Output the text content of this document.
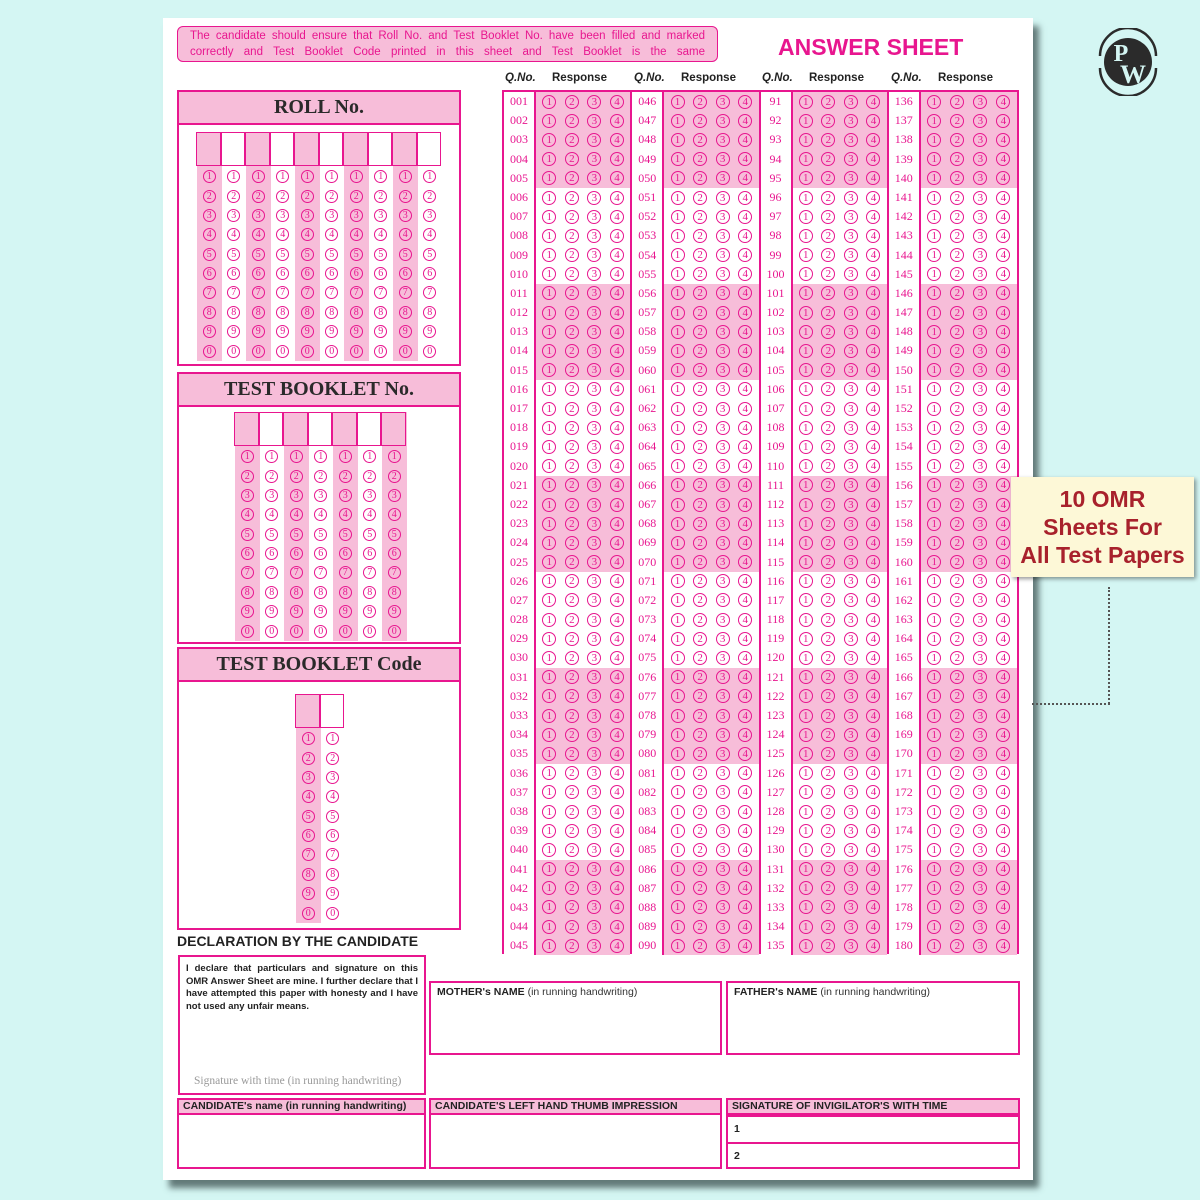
The candidate should ensure that Roll No. and Test Booklet No. have been filled and marked correctly and Test Booklet Code printed in this sheet and Test Booklet is the same	ANSWER SHEET
Q.No. Response Q.No. Response Q.No. Response Q.No. Response
ROLL No.
1
2
3
4
5
6
7
8
9
0
1
2
3
4
5
6
7
8
9
0
1
2
3
4
5
6
7
8
9
0
1
2
3
4
5
6
7
8
9
0
1
2
3
4
5
6
7
8
9
0
1
2
3
4
5
6
7
8
9
0
1
2
3
4
5
6
7
8
9
0
1
2
3
4
5
6
7
8
9
0
1
2
3
4
5
6
7
8
9
0
1
2
3
4
5
6
7
8
9
0
TEST BOOKLET No.
1
2
3
4
5
6
7
8
9
0
1
2
3
4
5
6
7
8
9
0
1
2
3
4
5
6
7
8
9
0
1
2
3
4
5
6
7
8
9
0
1
2
3
4
5
6
7
8
9
0
1
2
3
4
5
6
7
8
9
0
1
2
3
4
5
6
7
8
9
0
TEST BOOKLET Code
1
2
3
4
5
6
7
8
9
0
1
2
3
4
5
6
7
8
9
0
001	1	2	3	4
002	1	2	3	4
003	1	2	3	4
004	1	2	3	4
005	1	2	3	4
006	1	2	3	4
007	1	2	3	4
008	1	2	3	4
009	1	2	3	4
010	1	2	3	4
011	1	2	3	4
012	1	2	3	4
013	1	2	3	4
014	1	2	3	4
015	1	2	3	4
016	1	2	3	4
017	1	2	3	4
018	1	2	3	4
019	1	2	3	4
020	1	2	3	4
021	1	2	3	4
022	1	2	3	4
023	1	2	3	4
024	1	2	3	4
025	1	2	3	4
026	1	2	3	4
027	1	2	3	4
028	1	2	3	4
029	1	2	3	4
030	1	2	3	4
031	1	2	3	4
032	1	2	3	4
033	1	2	3	4
034	1	2	3	4
035	1	2	3	4
036	1	2	3	4
037	1	2	3	4
038	1	2	3	4
039	1	2	3	4
040	1	2	3	4
041	1	2	3	4
042	1	2	3	4
043	1	2	3	4
044	1	2	3	4
045	1	2	3	4
046	1	2	3	4
047	1	2	3	4
048	1	2	3	4
049	1	2	3	4
050	1	2	3	4
051	1	2	3	4
052	1	2	3	4
053	1	2	3	4
054	1	2	3	4
055	1	2	3	4
056	1	2	3	4
057	1	2	3	4
058	1	2	3	4
059	1	2	3	4
060	1	2	3	4
061	1	2	3	4
062	1	2	3	4
063	1	2	3	4
064	1	2	3	4
065	1	2	3	4
066	1	2	3	4
067	1	2	3	4
068	1	2	3	4
069	1	2	3	4
070	1	2	3	4
071	1	2	3	4
072	1	2	3	4
073	1	2	3	4
074	1	2	3	4
075	1	2	3	4
076	1	2	3	4
077	1	2	3	4
078	1	2	3	4
079	1	2	3	4
080	1	2	3	4
081	1	2	3	4
082	1	2	3	4
083	1	2	3	4
084	1	2	3	4
085	1	2	3	4
086	1	2	3	4
087	1	2	3	4
088	1	2	3	4
089	1	2	3	4
090	1	2	3	4
91	1	2	3	4
92	1	2	3	4
93	1	2	3	4
94	1	2	3	4
95	1	2	3	4
96	1	2	3	4
97	1	2	3	4
98	1	2	3	4
99	1	2	3	4
100	1	2	3	4
101	1	2	3	4
102	1	2	3	4
103	1	2	3	4
104	1	2	3	4
105	1	2	3	4
106	1	2	3	4
107	1	2	3	4
108	1	2	3	4
109	1	2	3	4
110	1	2	3	4
111	1	2	3	4
112	1	2	3	4
113	1	2	3	4
114	1	2	3	4
115	1	2	3	4
116	1	2	3	4
117	1	2	3	4
118	1	2	3	4
119	1	2	3	4
120	1	2	3	4
121	1	2	3	4
122	1	2	3	4
123	1	2	3	4
124	1	2	3	4
125	1	2	3	4
126	1	2	3	4
127	1	2	3	4
128	1	2	3	4
129	1	2	3	4
130	1	2	3	4
131	1	2	3	4
132	1	2	3	4
133	1	2	3	4
134	1	2	3	4
135	1	2	3	4
136	1	2	3	4
137	1	2	3	4
138	1	2	3	4
139	1	2	3	4
140	1	2	3	4
141	1	2	3	4
142	1	2	3	4
143	1	2	3	4
144	1	2	3	4
145	1	2	3	4
146	1	2	3	4
147	1	2	3	4
148	1	2	3	4
149	1	2	3	4
150	1	2	3	4
151	1	2	3	4
152	1	2	3	4
153	1	2	3	4
154	1	2	3	4
155	1	2	3	4
156	1	2	3	4
157	1	2	3	4
158	1	2	3	4
159	1	2	3	4
160	1	2	3	4
161	1	2	3	4
162	1	2	3	4
163	1	2	3	4
164	1	2	3	4
165	1	2	3	4
166	1	2	3	4
167	1	2	3	4
168	1	2	3	4
169	1	2	3	4
170	1	2	3	4
171	1	2	3	4
172	1	2	3	4
173	1	2	3	4
174	1	2	3	4
175	1	2	3	4
176	1	2	3	4
177	1	2	3	4
178	1	2	3	4
179	1	2	3	4
180	1	2	3	4
DECLARATION BY THE CANDIDATE

I declare that particulars and signature on this OMR Answer Sheet are mine. I further declare that I have attempted this paper with honesty and I have not used any unfair means.

Signature with time (in running handwriting)
MOTHER's NAME (in running handwriting)	FATHER's NAME (in running handwriting)
CANDIDATE's name (in running handwriting)	CANDIDATE'S LEFT HAND THUMB IMPRESSION	SIGNATURE OF INVIGILATOR'S WITH TIME
1
2
P
W
10 OMR
Sheets For
All Test Papers
